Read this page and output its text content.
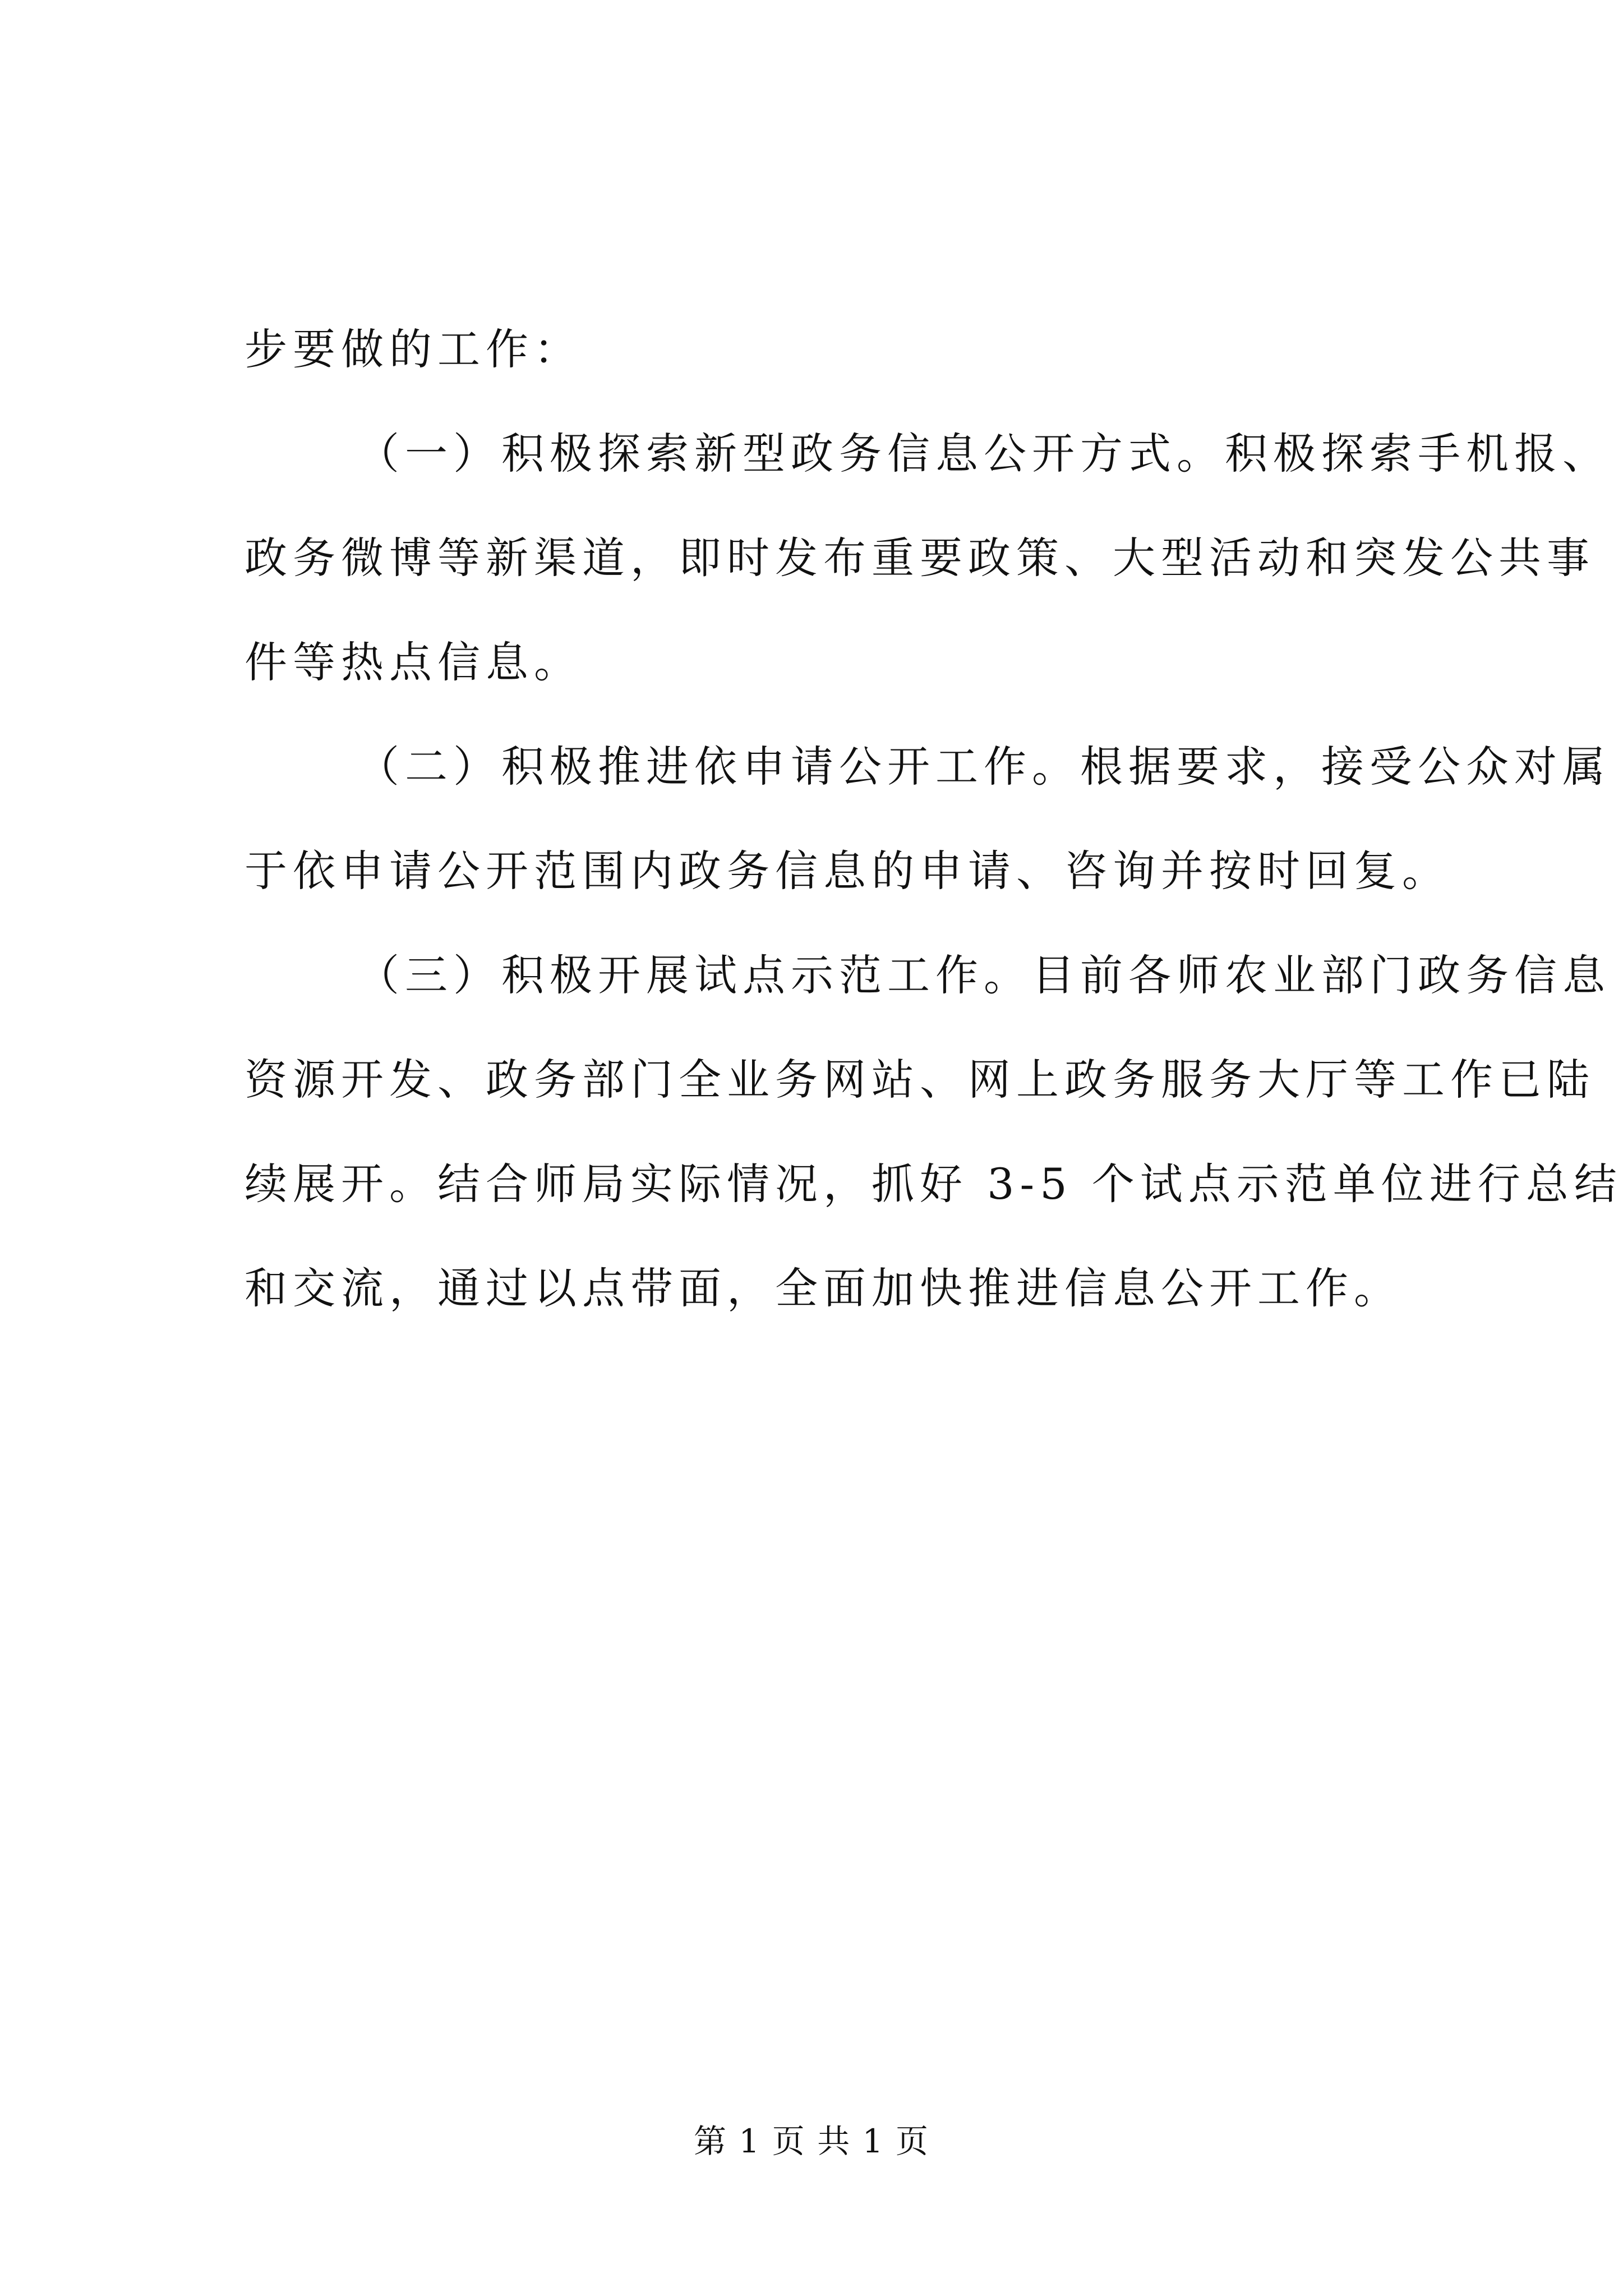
步要做的工作：
（一）积极探索新型政务信息公开方式。积极探索手机报、
政务微博等新渠道，即时发布重要政策、大型活动和突发公共事
件等热点信息。
（二）积极推进依申请公开工作。根据要求，接受公众对属
于依申请公开范围内政务信息的申请、咨询并按时回复。
（三）积极开展试点示范工作。目前各师农业部门政务信息
资源开发、政务部门全业务网站、网上政务服务大厅等工作已陆
续展开。结合师局实际情况，抓好 3-5 个试点示范单位进行总结
和交流，通过以点带面，全面加快推进信息公开工作。
第 1 页 共 1 页
